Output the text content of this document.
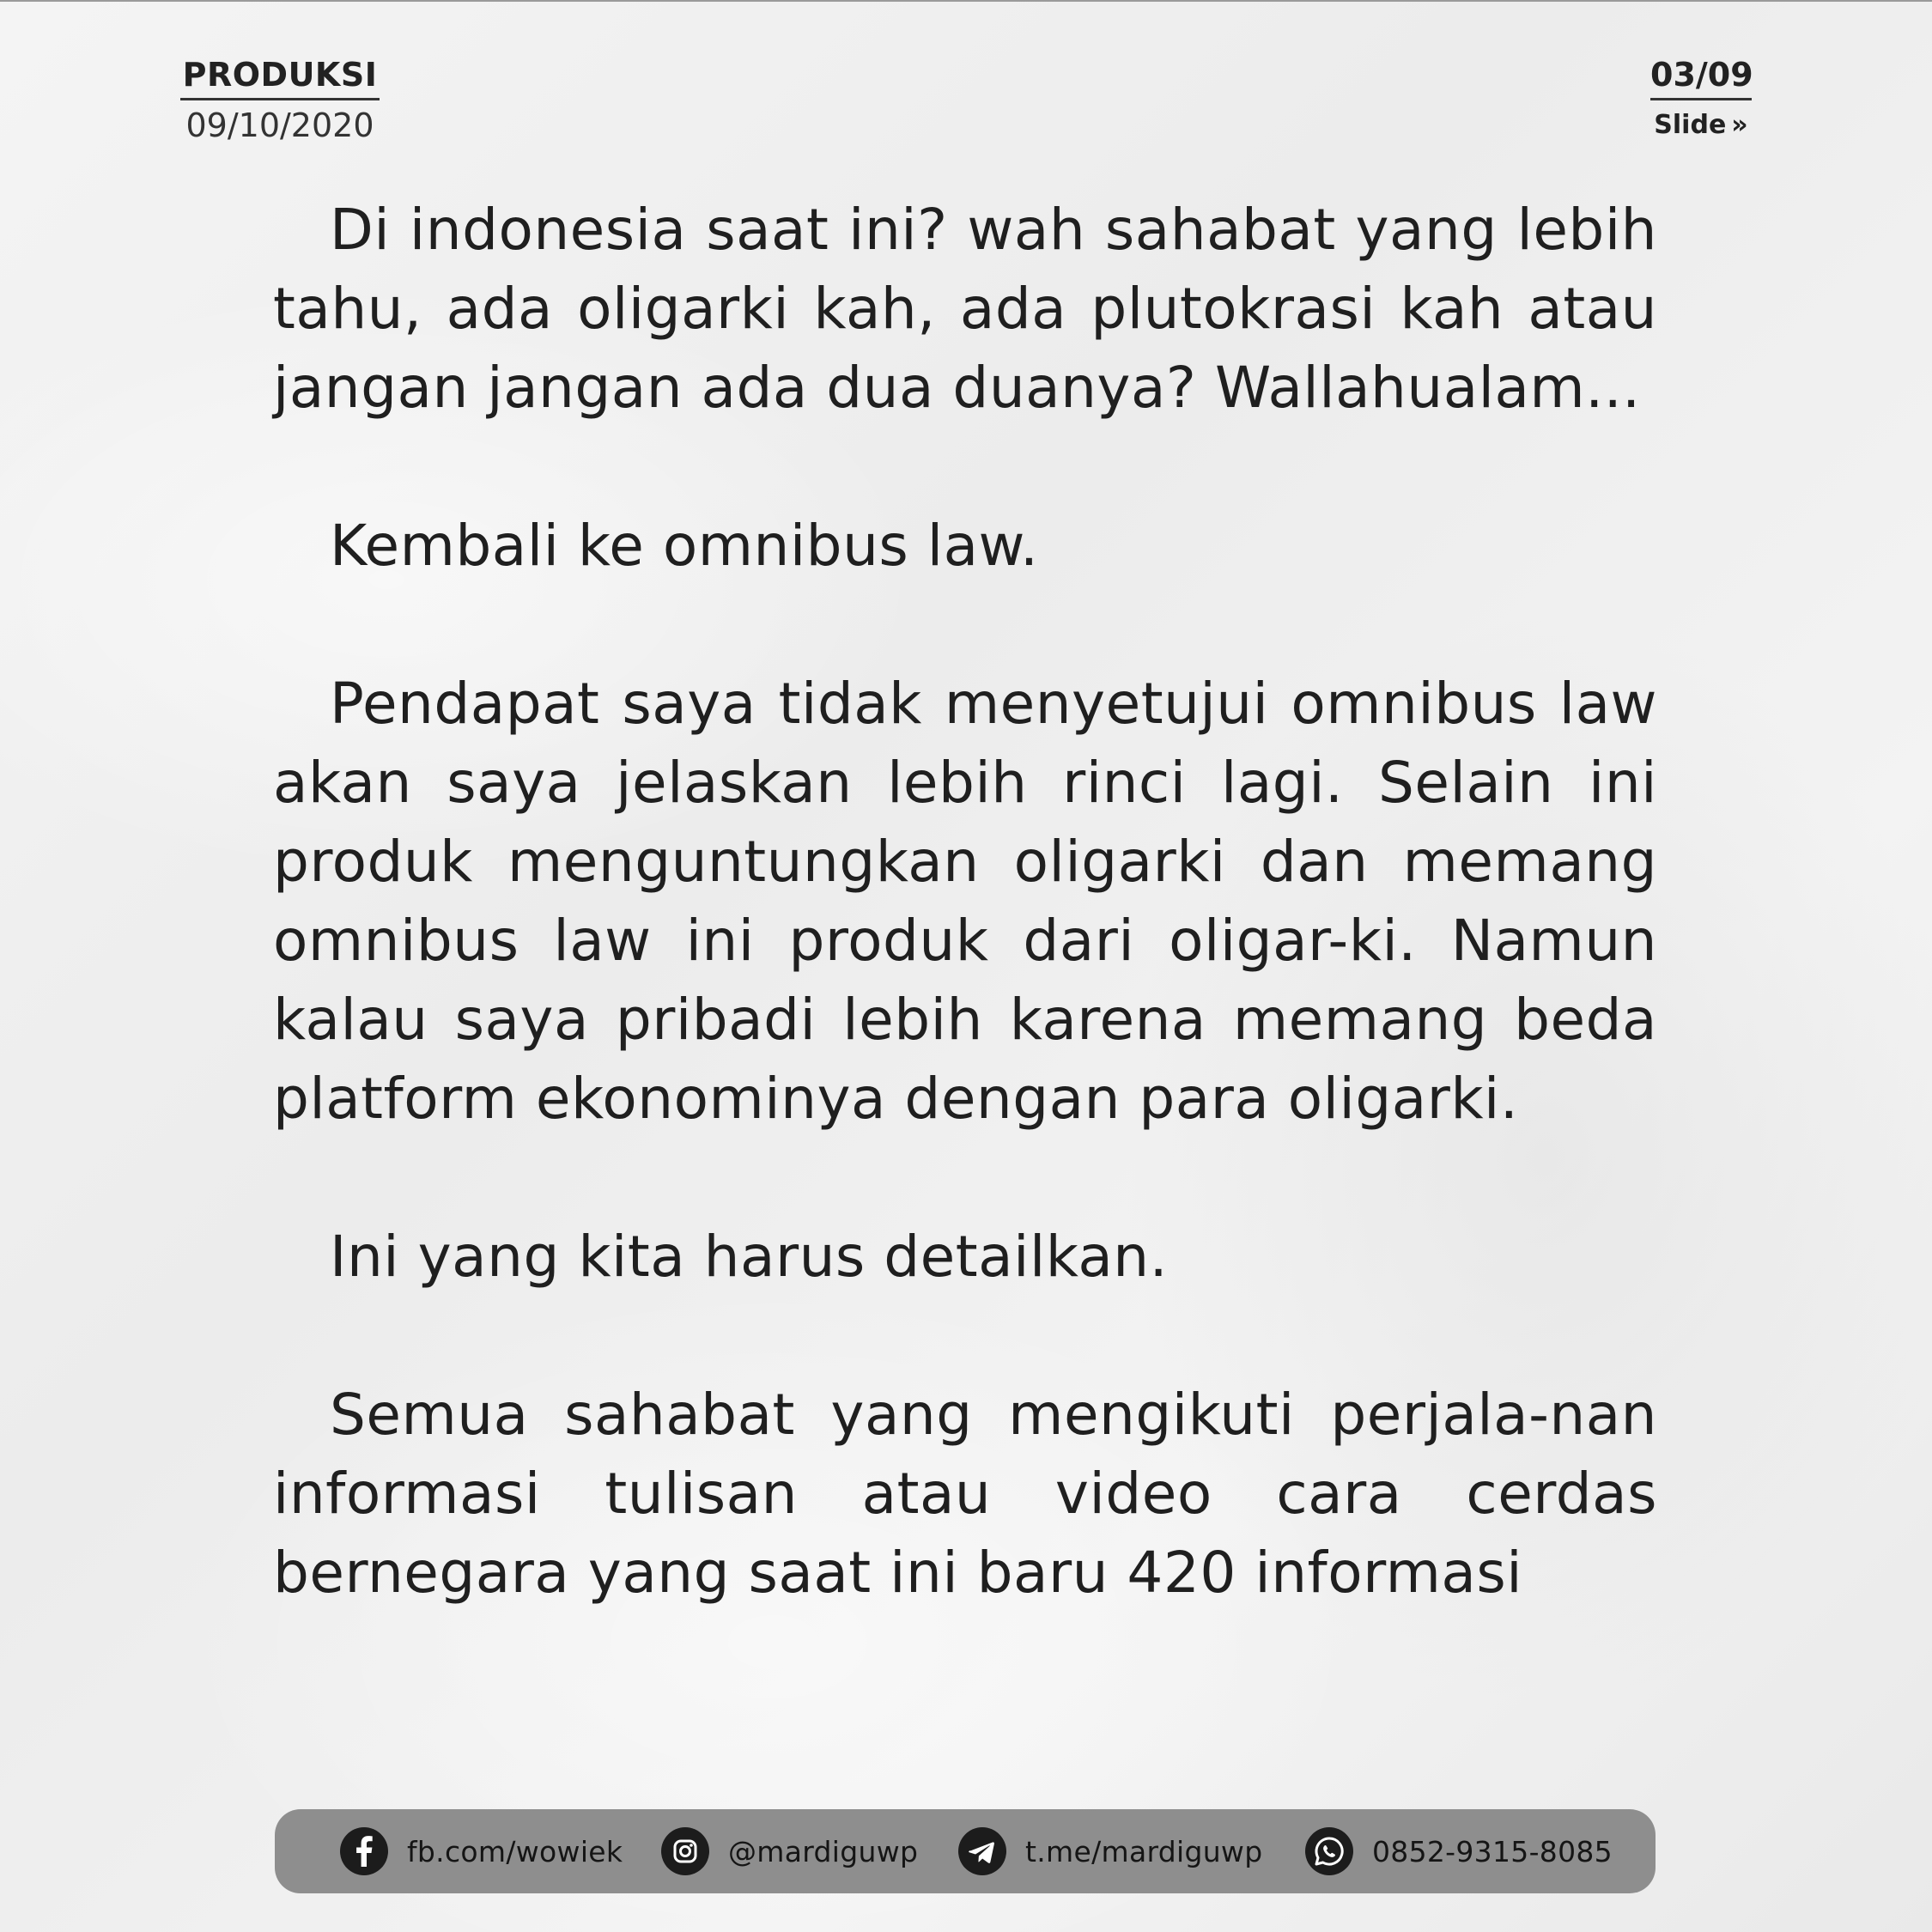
PRODUKSI
09/10/2020
03/09
Slide »

Di indonesia saat ini? wah sahabat yang lebih tahu, ada oligarki kah, ada plutokrasi kah atau jangan jangan ada dua duanya? Wallahualam...

Kembali ke omnibus law.

Pendapat saya tidak menyetujui omnibus law akan saya jelaskan lebih rinci lagi. Selain ini produk menguntungkan oligarki dan memang omnibus law ini produk dari oligar-ki. Namun kalau saya pribadi lebih karena memang beda platform ekonominya dengan para oligarki.

Ini yang kita harus detailkan.

Semua sahabat yang mengikuti perjala-nan informasi tulisan atau video cara cerdas bernegara yang saat ini baru 420 informasi

fb.com/wowiek	@mardiguwp	t.me/mardiguwp	0852-9315-8085
